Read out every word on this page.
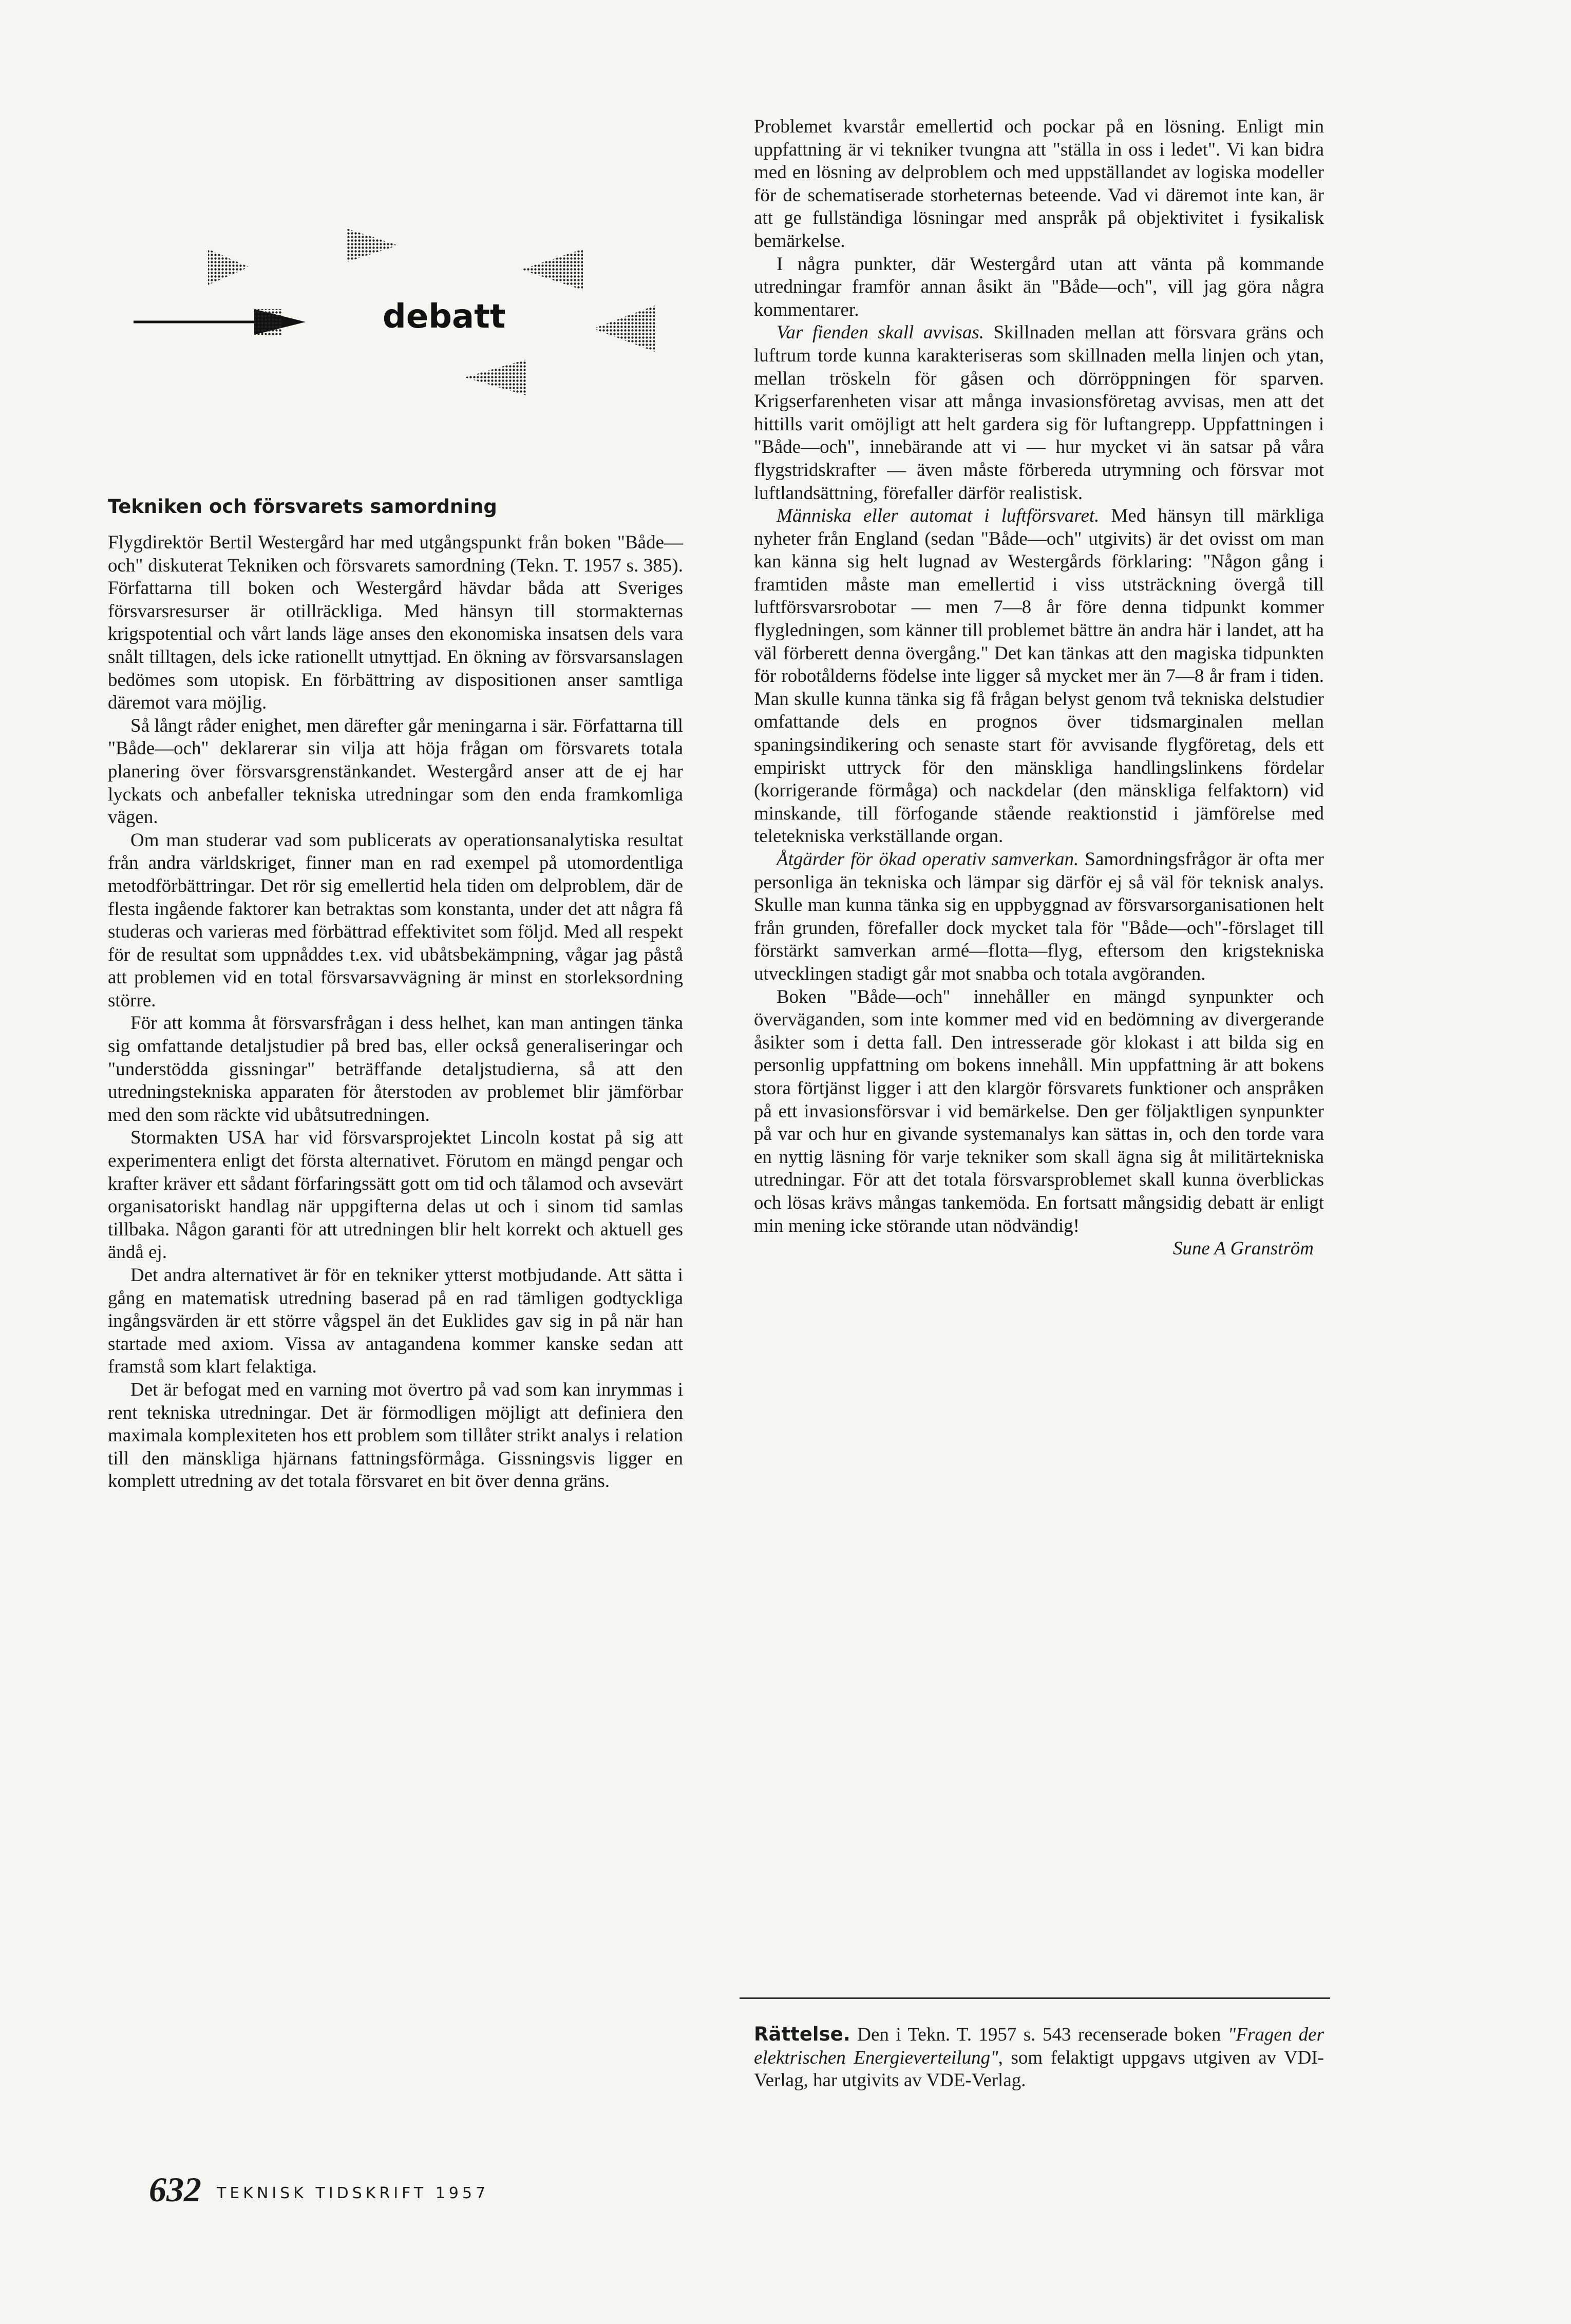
debatt
Tekniken och försvarets samordning

Flygdirektör Bertil Westergård har med utgångspunkt från boken "Både—och" diskuterat Tekniken och försvarets samordning (Tekn. T. 1957 s. 385). Författarna till boken och Westergård hävdar båda att Sveriges försvarsresurser är otillräckliga. Med hänsyn till stormakternas krigspotential och vårt lands läge anses den ekonomiska insatsen dels vara snålt tilltagen, dels icke rationellt utnyttjad. En ökning av försvarsanslagen bedömes som utopisk. En förbättring av dispositionen anser samtliga däremot vara möjlig.

Så långt råder enighet, men därefter går meningarna i sär. Författarna till "Både—och" deklarerar sin vilja att höja frågan om försvarets totala planering över försvarsgrenstänkandet. Westergård anser att de ej har lyckats och anbefaller tekniska utredningar som den enda framkomliga vägen.

Om man studerar vad som publicerats av operationsanalytiska resultat från andra världskriget, finner man en rad exempel på utomordentliga metodförbättringar. Det rör sig emellertid hela tiden om delproblem, där de flesta ingående faktorer kan betraktas som konstanta, under det att några få studeras och varieras med förbättrad effektivitet som följd. Med all respekt för de resultat som uppnåddes t.ex. vid ubåtsbekämpning, vågar jag påstå att problemen vid en total försvarsavvägning är minst en storleksordning större.

För att komma åt försvarsfrågan i dess helhet, kan man antingen tänka sig omfattande detaljstudier på bred bas, eller också generaliseringar och "understödda gissningar" beträffande detaljstudierna, så att den utredningstekniska apparaten för återstoden av problemet blir jämförbar med den som räckte vid ubåtsutredningen.

Stormakten USA har vid försvarsprojektet Lincoln kostat på sig att experimentera enligt det första alternativet. Förutom en mängd pengar och krafter kräver ett sådant förfaringssätt gott om tid och tålamod och avsevärt organisatoriskt handlag när uppgifterna delas ut och i sinom tid samlas tillbaka. Någon garanti för att utredningen blir helt korrekt och aktuell ges ändå ej.

Det andra alternativet är för en tekniker ytterst motbjudande. Att sätta i gång en matematisk utredning baserad på en rad tämligen godtyckliga ingångsvärden är ett större vågspel än det Euklides gav sig in på när han startade med axiom. Vissa av antagandena kommer kanske sedan att framstå som klart felaktiga.

Det är befogat med en varning mot övertro på vad som kan inrymmas i rent tekniska utredningar. Det är förmodligen möjligt att definiera den maximala komplexiteten hos ett problem som tillåter strikt analys i relation till den mänskliga hjärnans fattningsförmåga. Gissningsvis ligger en komplett utredning av det totala försvaret en bit över denna gräns.

Problemet kvarstår emellertid och pockar på en lösning. Enligt min uppfattning är vi tekniker tvungna att "ställa in oss i ledet". Vi kan bidra med en lösning av delproblem och med uppställandet av logiska modeller för de schematiserade storheternas beteende. Vad vi däremot inte kan, är att ge fullständiga lösningar med anspråk på objektivitet i fysikalisk bemärkelse.

I några punkter, där Westergård utan att vänta på kommande utredningar framför annan åsikt än "Både—och", vill jag göra några kommentarer.

Var fienden skall avvisas. Skillnaden mellan att försvara gräns och luftrum torde kunna karakteriseras som skillnaden mella linjen och ytan, mellan tröskeln för gåsen och dörröppningen för sparven. Krigserfarenheten visar att många invasionsföretag avvisas, men att det hittills varit omöjligt att helt gardera sig för luftangrepp. Uppfattningen i "Både—och", innebärande att vi — hur mycket vi än satsar på våra flygstridskrafter — även måste förbereda utrymning och försvar mot luftlandsättning, förefaller därför realistisk.

Människa eller automat i luftförsvaret. Med hänsyn till märkliga nyheter från England (sedan "Både—och" utgivits) är det ovisst om man kan känna sig helt lugnad av Westergårds förklaring: "Någon gång i framtiden måste man emellertid i viss utsträckning övergå till luftförsvarsrobotar — men 7—8 år före denna tidpunkt kommer flygledningen, som känner till problemet bättre än andra här i landet, att ha väl förberett denna övergång." Det kan tänkas att den magiska tidpunkten för robotålderns födelse inte ligger så mycket mer än 7—8 år fram i tiden. Man skulle kunna tänka sig få frågan belyst genom två tekniska delstudier omfattande dels en prognos över tidsmarginalen mellan spaningsindikering och senaste start för avvisande flygföretag, dels ett empiriskt uttryck för den mänskliga handlingslinkens fördelar (korrigerande förmåga) och nackdelar (den mänskliga felfaktorn) vid minskande, till förfogande stående reaktionstid i jämförelse med teletekniska verkställande organ.

Åtgärder för ökad operativ samverkan. Samordningsfrågor är ofta mer personliga än tekniska och lämpar sig därför ej så väl för teknisk analys. Skulle man kunna tänka sig en uppbyggnad av försvarsorganisationen helt från grunden, förefaller dock mycket tala för "Både—och"-förslaget till förstärkt samverkan armé—flotta—flyg, eftersom den krigstekniska utvecklingen stadigt går mot snabba och totala avgöranden.

Boken "Både—och" innehåller en mängd synpunkter och överväganden, som inte kommer med vid en bedömning av divergerande åsikter som i detta fall. Den intresserade gör klokast i att bilda sig en personlig uppfattning om bokens innehåll. Min uppfattning är att bokens stora förtjänst ligger i att den klargör försvarets funktioner och anspråken på ett invasionsförsvar i vid bemärkelse. Den ger följaktligen synpunkter på var och hur en givande systemanalys kan sättas in, och den torde vara en nyttig läsning för varje tekniker som skall ägna sig åt militärtekniska utredningar. För att det totala försvarsproblemet skall kunna överblickas och lösas krävs mångas tankemöda. En fortsatt mångsidig debatt är enligt min mening icke störande utan nödvändig!

Sune A Granström

Rättelse. Den i Tekn. T. 1957 s. 543 recenserade boken "Fragen der elektrischen Energieverteilung", som felaktigt uppgavs utgiven av VDI-Verlag, har utgivits av VDE-Verlag.
632 TEKNISK TIDSKRIFT 1957
